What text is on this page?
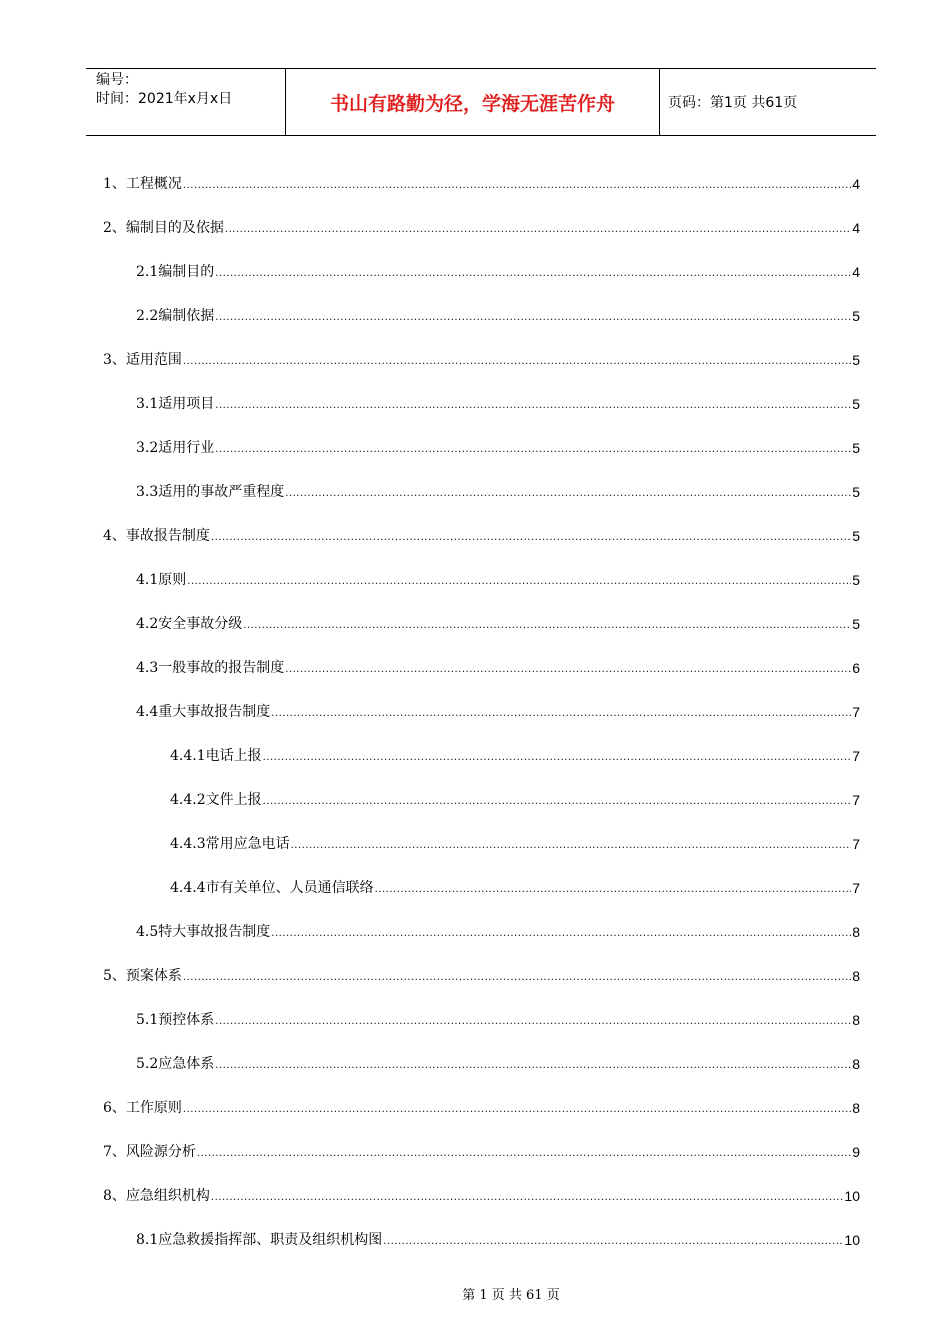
编号：
时间：2021年x月x日	书山有路勤为径，学海无涯苦作舟	页码：第1页 共61页
1、工程概况 .....	4
2、编制目的及依据 .....	4
2.1编制目的 .....	4
2.2编制依据 .....	5
3、适用范围 .....	5
3.1适用项目 .....	5
3.2适用行业 .....	5
3.3适用的事故严重程度 .....	5
4、事故报告制度 .....	5
4.1原则 .....	5
4.2安全事故分级 .....	5
4.3一般事故的报告制度 .....	6
4.4重大事故报告制度 .....	7
4.4.1电话上报 .....	7
4.4.2文件上报 .....	7
4.4.3常用应急电话 .....	7
4.4.4市有关单位、人员通信联络 .....	7
4.5特大事故报告制度 .....	8
5、预案体系 .....	8
5.1预控体系 .....	8
5.2应急体系 .....	8
6、工作原则 .....	8
7、风险源分析 .....	9
8、应急组织机构 .....	10
8.1应急救援指挥部、职责及组织机构图 .....	10
第 1 页 共 61 页
